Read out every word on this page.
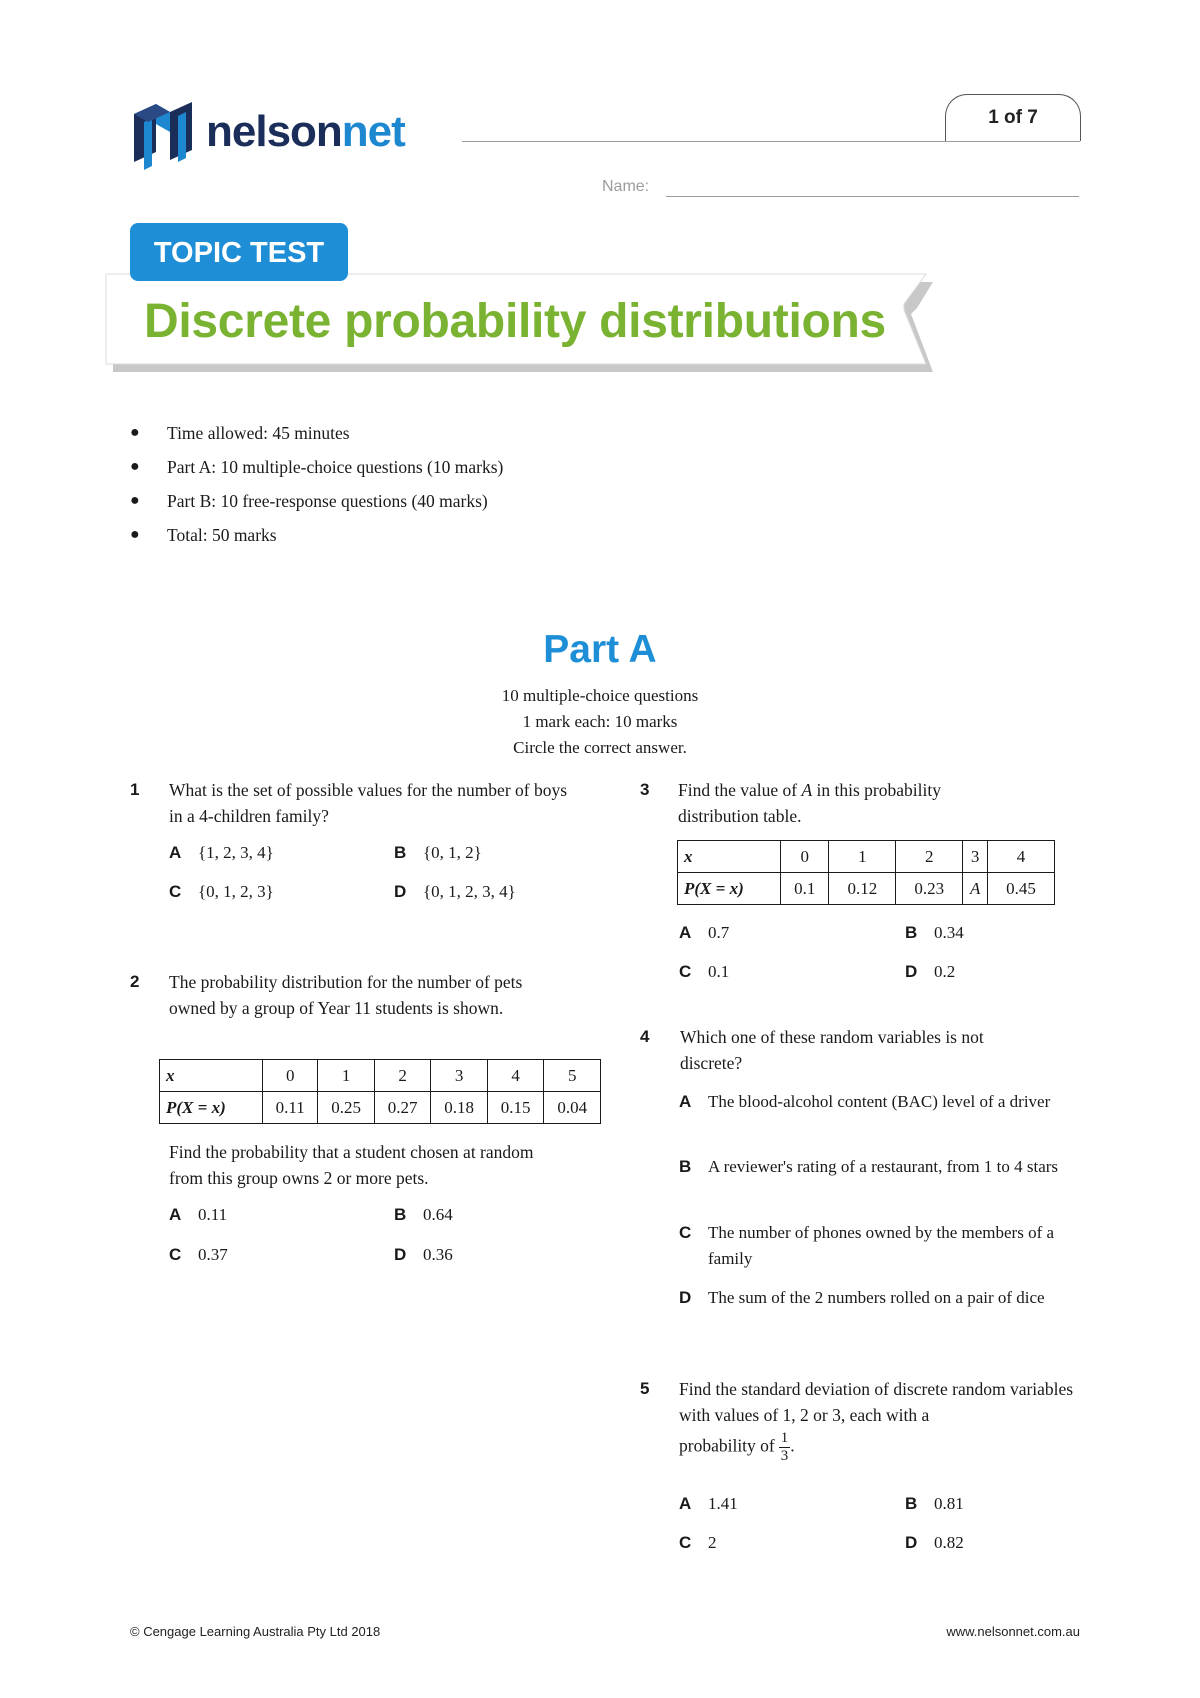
nelsonnet	1 of 7
Name:
TOPIC TEST
Discrete probability distributions
● Time allowed: 45 minutes
● Part A: 10 multiple-choice questions (10 marks)
● Part B: 10 free-response questions (40 marks)
● Total: 50 marks
Part A
10 multiple-choice questions
1 mark each: 10 marks
Circle the correct answer.
1 What is the set of possible values for the number of boys in a 4-children family?
A {1, 2, 3, 4}	B {0, 1, 2}
C {0, 1, 2, 3}	D {0, 1, 2, 3, 4}
2 The probability distribution for the number of pets owned by a group of Year 11 students is shown.
x	0	1	2	3	4	5
P(X = x)	0.11	0.25	0.27	0.18	0.15	0.04
Find the probability that a student chosen at random from this group owns 2 or more pets.
A 0.11	B 0.64
C 0.37	D 0.36
3 Find the value of A in this probability distribution table.
x	0	1	2	3	4
P(X = x)	0.1	0.12	0.23	A	0.45
A 0.7	B 0.34
C 0.1	D 0.2
4 Which one of these random variables is not discrete?
A The blood-alcohol content (BAC) level of a driver
B A reviewer's rating of a restaurant, from 1 to 4 stars
C The number of phones owned by the members of a family
D The sum of the 2 numbers rolled on a pair of dice
5 Find the standard deviation of discrete random variables with values of 1, 2 or 3, each with a
probability of $\frac{1}{3}$ .
A 1.41	B 0.81
C 2	D 0.82
© Cengage Learning Australia Pty Ltd 2018	www.nelsonnet.com.au
